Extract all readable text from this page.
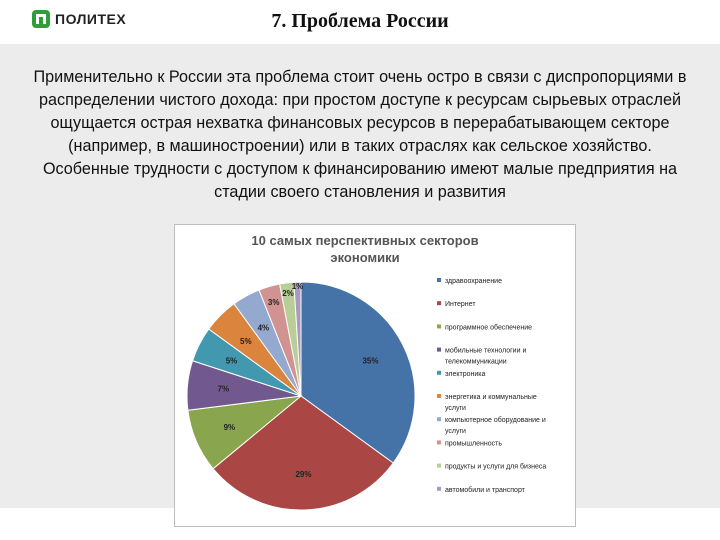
ПОЛИТЕХ	7. Проблема России
Применительно к России эта проблема стоит очень остро в связи с диспропорциями в распределении чистого дохода: при простом доступе к ресурсам сырьевых отраслей ощущается острая нехватка финансовых ресурсов в перерабатывающем секторе (например, в машиностроении) или в таких отраслях как сельское хозяйство. Особенные трудности с доступом к финансированию имеют малые предприятия на стадии своего становления и развития
10 самых перспективных секторов
экономики
35%
29%
9%
7%
5%
5%
4%
3%
2%
1%
здравоохранение
Интернет
программное обеспечение
мобильные технологии и
телекоммуникации
электроника
энергетика и коммунальные
услуги
компьютерное оборудование и
услуги
промышленность
продукты и услуги для бизнеса
автомобили и транспорт
